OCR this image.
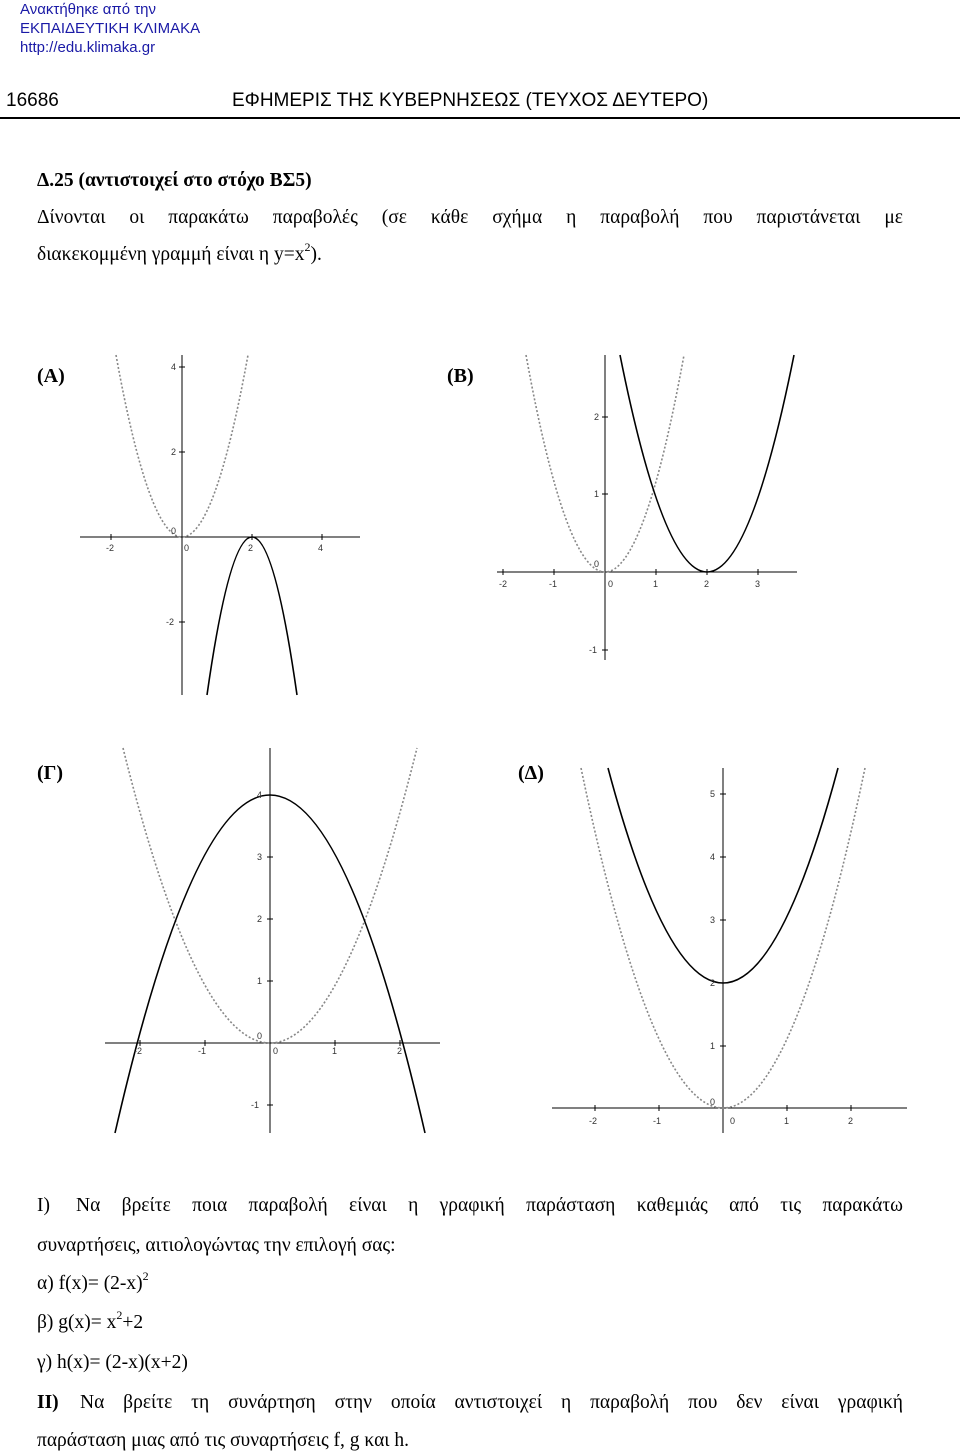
Ανακτήθηκε από την
ΕΚΠΑΙΔΕΥΤΙΚΗ ΚΛΙΜΑΚΑ
http://edu.klimaka.gr
16686	ΕΦΗΜΕΡΙΣ ΤΗΣ ΚΥΒΕΡΝΗΣΕΩΣ (ΤΕΥΧΟΣ ΔΕΥΤΕΡΟ)
Δ.25 (αντιστοιχεί στο στόχο ΒΣ5)
Δίνονται οι παρακάτω παραβολές (σε κάθε σχήμα η παραβολή που παριστάνεται με
διακεκομμένη γραμμή είναι η $y=x^2$).
(Α)	(Β)
(Γ)	(Δ)
-2	0	2	4
4
2
0
-2
-2	-1	0	1	2	3
2
1
0
-1
-2	-1	0	1	2
4
3
2
1
0
-1
-2	-1	0	1	2
5
4
3
2
1
0
Ι) Να βρείτε ποια παραβολή είναι η γραφική παράσταση καθεμιάς από τις παρακάτω
συναρτήσεις, αιτιολογώντας την επιλογή σας:
α) $f(x)= (2-x)^2$
β) $g(x)= x^2+2$
γ) h(x)= (2-x)(x+2)
ΙΙ) Να βρείτε τη συνάρτηση στην οποία αντιστοιχεί η παραβολή που δεν είναι γραφική
παράσταση μιας από τις συναρτήσεις f, g και h.
